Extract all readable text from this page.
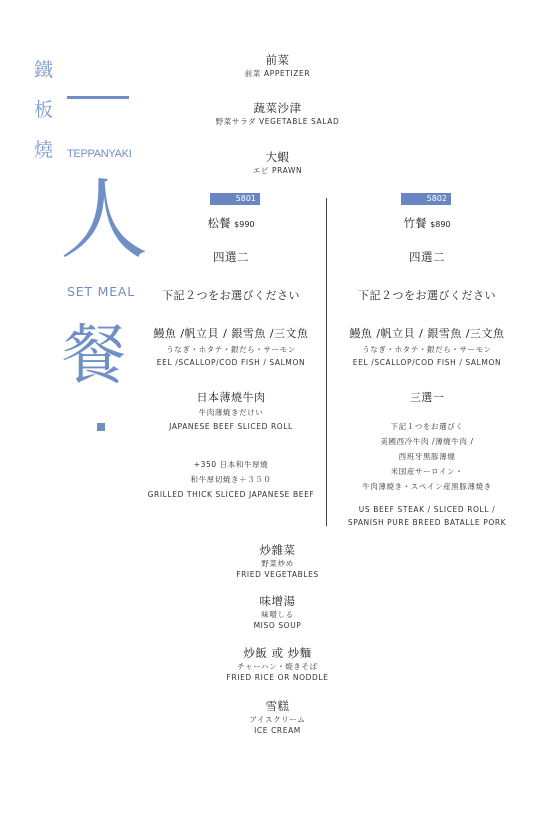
鐵
板
燒 TEPPANYAKI
人
SET MEAL
餐
前菜
前菜 APPETIZER
蔬菜沙津
野菜サラダ VEGETABLE SALAD
大蝦
エビ PRAWN
5801
松餐 $990
四選二
下記２つをお選びください
鰻魚 /帆立貝 / 銀雪魚 /三文魚
うなぎ・ホタテ・銀だら・サーモン
EEL /SCALLOP/COD FISH / SALMON
日本薄燒牛肉
牛肉薄焼きだけい
JAPANESE BEEF SLICED ROLL
+350 日本和牛厚燒
和牛厚切焼き＋３５０
GRILLED THICK SLICED JAPANESE BEEF
5802
竹餐 $890
四選二
下記２つをお選びください
鰻魚 /帆立貝 / 銀雪魚 /三文魚
うなぎ・ホタテ・銀だら・サーモン
EEL /SCALLOP/COD FISH / SALMON
三選一
下記１つをお選びく
美國西冷牛肉 /薄燒牛肉 /
西班牙黑豚薄燒
米国産サーロイン・
牛肉薄焼き・スペイン産黒豚薄焼き
US BEEF STEAK / SLICED ROLL /
SPANISH PURE BREED BATALLE PORK
炒雜菜
野菜炒め
FRIED VEGETABLES
味增湯
味噌しる
MISO SOUP
炒飯 或 炒麵
チャーハン・焼きそば
FRIED RICE OR NODDLE
雪糕
アイスクリーム
ICE CREAM
